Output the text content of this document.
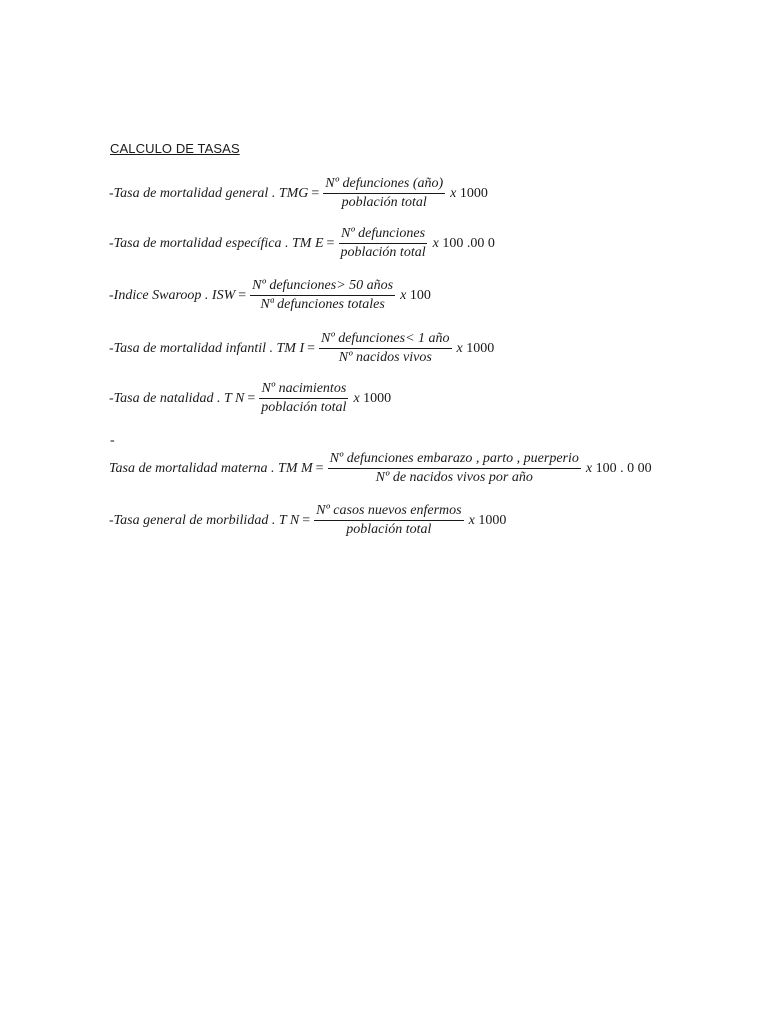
CALCULO DE TASAS
-Tasa de mortalidad general . TMG = $\frac{\text{Nº defunciones (año)}}{\text{población total}}$ x 1000
-Tasa de mortalidad específica . TM $E = \frac{\text{Nº defunciones}}{\text{población total}}$ x 100 .00 0
-Indice Swaroop . ISW = $\frac{\text{Nº defunciones> 50 años}}{\text{Nª defunciones totales}}$ x 100
-Tasa de mortalidad infantil . TM $I = \frac{\text{Nº defunciones< 1 año}}{\text{Nº nacidos vivos}}$ x 1000
-Tasa de natalidad . T $N = \frac{\text{Nº nacimientos}}{\text{población total}}$ x 1000
-
Tasa de mortalidad materna . TM $M = \frac{\text{Nº defunciones embarazo , parto , puerperio}}{\text{Nº de nacidos vivos por año}}$ x 100 . 0 00
-Tasa general de morbilidad . T $N = \frac{\text{Nº casos nuevos enfermos}}{\text{población total}}$ x 1000
